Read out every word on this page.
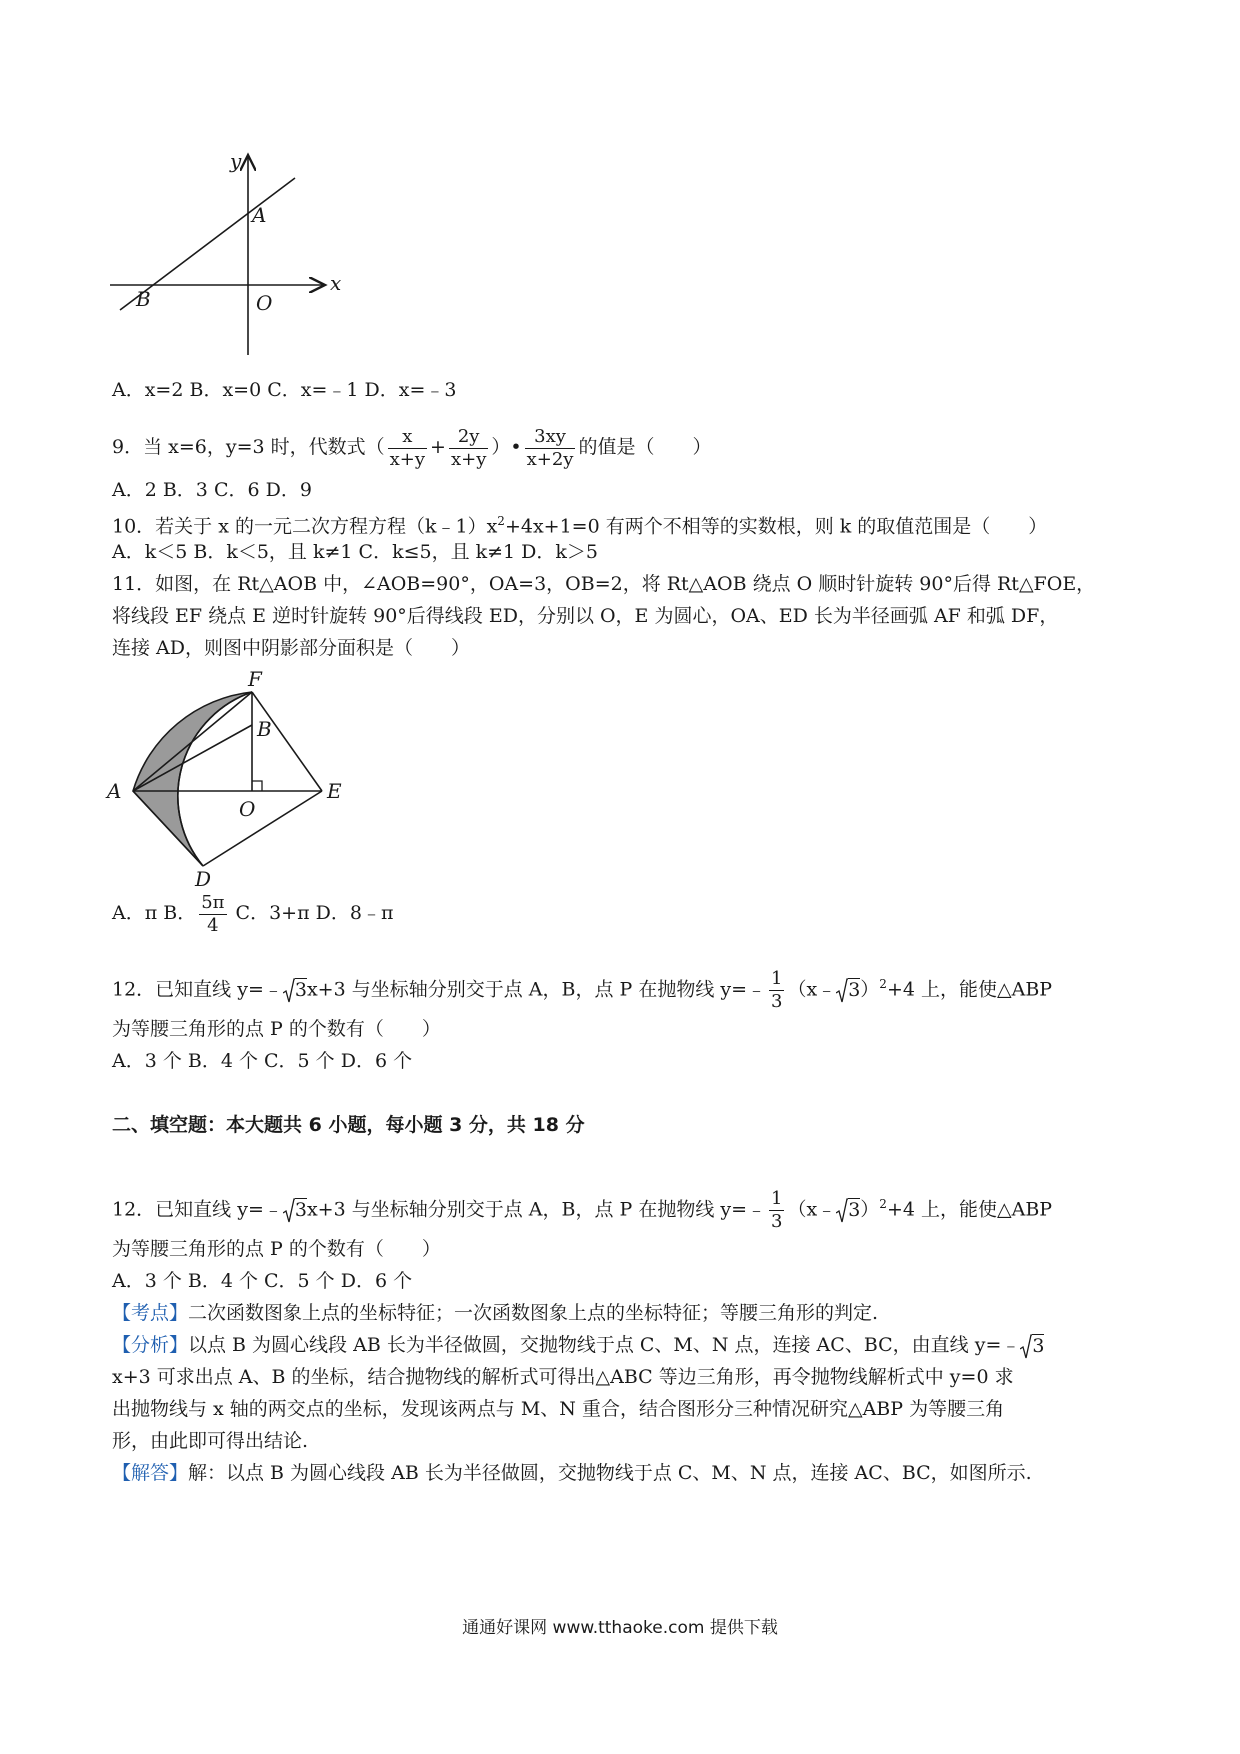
y
x
A
B	O
A．x=2 B．x=0 C．x=﹣1 D．x=﹣3
9．当 x=6，y=3 时，代数式（ $\frac{x}{x+y} + \frac{2y}{x+y}$ ）• $\frac{3xy}{x+2y}$ 的值是（　　）
A．2 B．3 C．6 D．9
10．若关于 x 的一元二次方程方程$(k﹣1)x^2+4x+1=0$ 有两个不相等的实数根，则 k 的取值范围是（　　）
A．k＜5 B．k＜5，且 k≠1 C．k≤5，且 k≠1 D．k＞5
11．如图，在 Rt△AOB 中，∠AOB=90°，OA=3，OB=2，将 Rt△AOB 绕点 O 顺时针旋转 90°后得 Rt△FOE，
将线段 EF 绕点 E 逆时针旋转 90°后得线段 ED，分别以 O，E 为圆心，OA、ED 长为半径画弧 AF 和弧 DF，
连接 AD，则图中阴影部分面积是（　　）
F
B
A
O
E
D
A．π B． $\frac{5\pi}{4}$ C．3+π D．8﹣π
12．已知直线 y=﹣ 3x+3 与坐标轴分别交于点 A，B，点 P 在抛物线 y=﹣ $\frac{1}{3}$ （x﹣ 3）$^2$+4 上，能使△ABP
为等腰三角形的点 P 的个数有（　　）
A．3 个 B．4 个 C．5 个 D．6 个
二、填空题：本大题共 6 小题，每小题 3 分，共 18 分
12．已知直线 y=﹣ 3x+3 与坐标轴分别交于点 A，B，点 P 在抛物线 y=﹣ $\frac{1}{3}$ （x﹣ 3）$^2$+4 上，能使△ABP
为等腰三角形的点 P 的个数有（　　）
A．3 个 B．4 个 C．5 个 D．6 个
【考点】二次函数图象上点的坐标特征；一次函数图象上点的坐标特征；等腰三角形的判定.
【分析】以点 B 为圆心线段 AB 长为半径做圆，交抛物线于点 C、M、N 点，连接 AC、BC，由直线 y=﹣ 3
x+3 可求出点 A、B 的坐标，结合抛物线的解析式可得出△ABC 等边三角形，再令抛物线解析式中 y=0 求
出抛物线与 x 轴的两交点的坐标，发现该两点与 M、N 重合，结合图形分三种情况研究△ABP 为等腰三角
形，由此即可得出结论.
【解答】解：以点 B 为圆心线段 AB 长为半径做圆，交抛物线于点 C、M、N 点，连接 AC、BC，如图所示.
通通好课网 www.tthaoke.com 提供下载
